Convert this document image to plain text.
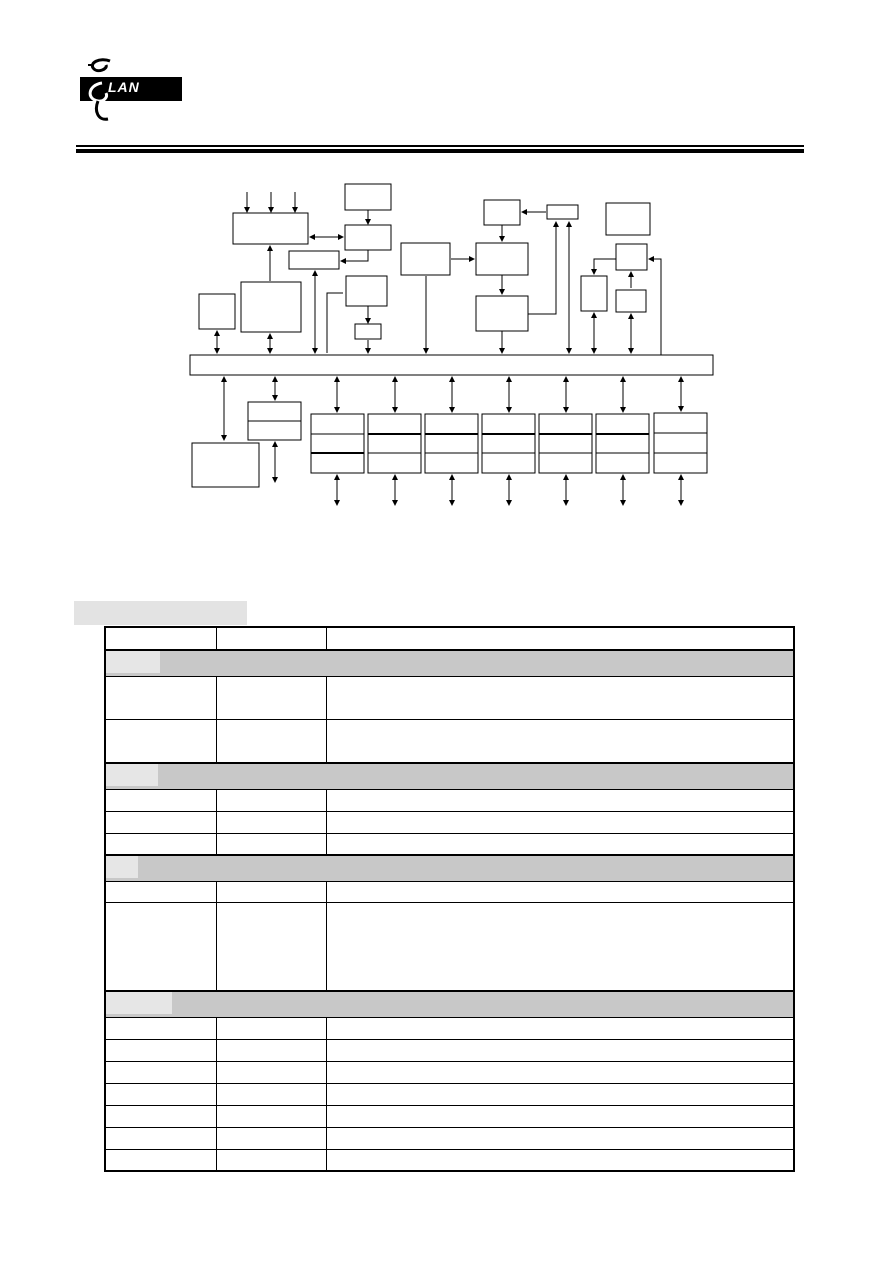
LAN
